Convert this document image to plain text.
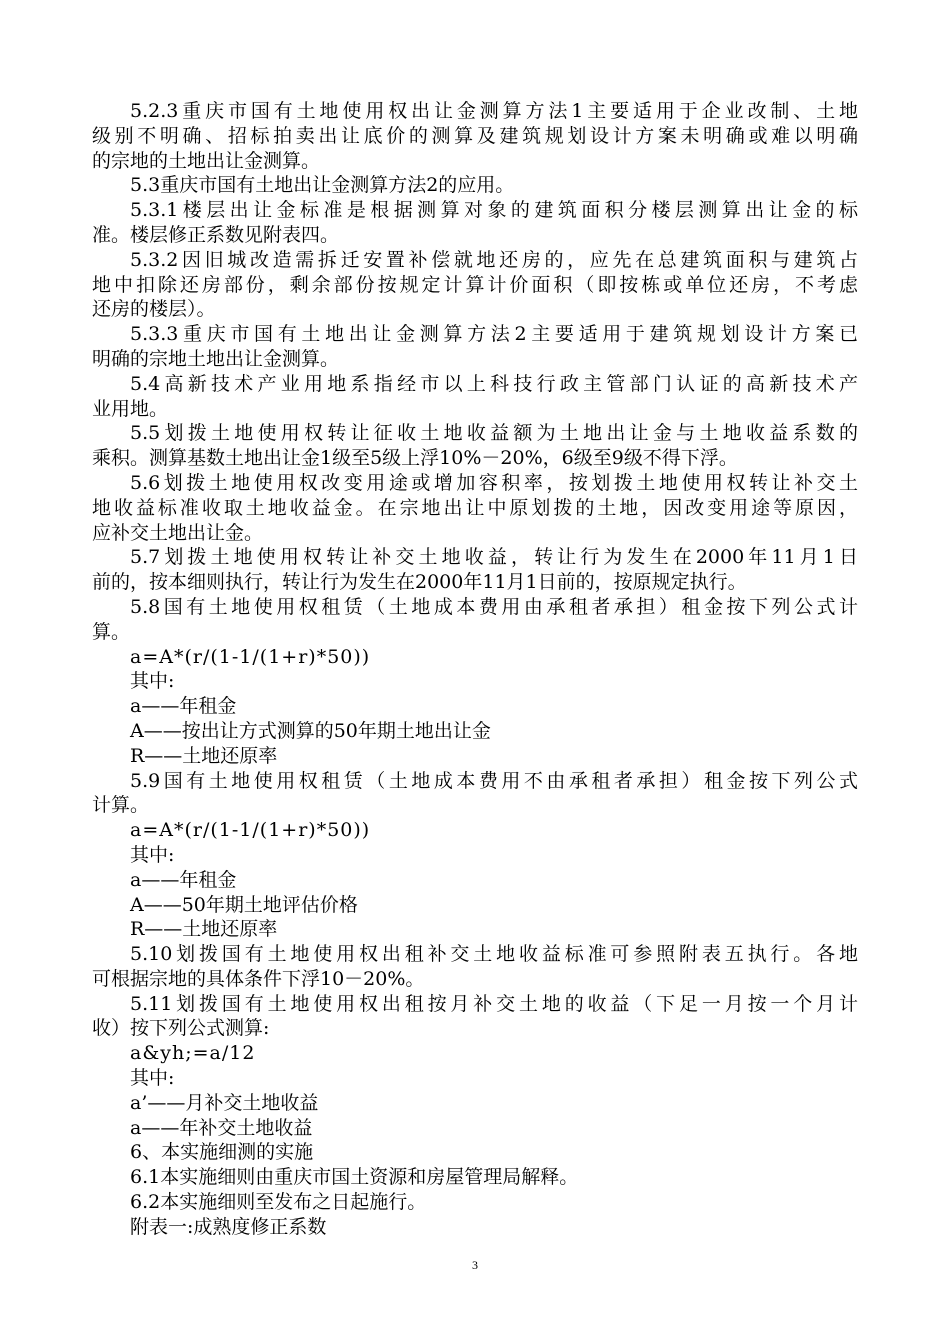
5.2.3重庆市国有土地使用权出让金测算方法1主要适用于企业改制、土地
级别不明确、招标拍卖出让底价的测算及建筑规划设计方案未明确或难以明确
的宗地的土地出让金测算。
5.3重庆市国有土地出让金测算方法2的应用。
5.3.1楼层出让金标准是根据测算对象的建筑面积分楼层测算出让金的标
准。楼层修正系数见附表四。
5.3.2因旧城改造需拆迁安置补偿就地还房的，应先在总建筑面积与建筑占
地中扣除还房部份，剩余部份按规定计算计价面积（即按栋或单位还房，不考虑
还房的楼层）。
5.3.3重庆市国有土地出让金测算方法2主要适用于建筑规划设计方案已
明确的宗地土地出让金测算。
5.4高新技术产业用地系指经市以上科技行政主管部门认证的高新技术产
业用地。
5.5划拨土地使用权转让征收土地收益额为土地出让金与土地收益系数的
乘积。测算基数土地出让金1级至5级上浮10%－20%，6级至9级不得下浮。
5.6划拨土地使用权改变用途或增加容积率，按划拨土地使用权转让补交土
地收益标准收取土地收益金。在宗地出让中原划拨的土地，因改变用途等原因，
应补交土地出让金。
5.7划拨土地使用权转让补交土地收益，转让行为发生在2000年11月1日
前的，按本细则执行，转让行为发生在2000年11月1日前的，按原规定执行。
5.8国有土地使用权租赁（土地成本费用由承租者承担）租金按下列公式计
算。
a=A*(r/(1-1/(1+r)*50))
其中:
a——年租金
A——按出让方式测算的50年期土地出让金
R——土地还原率
5.9国有土地使用权租赁（土地成本费用不由承租者承担）租金按下列公式
计算。
a=A*(r/(1-1/(1+r)*50))
其中:
a——年租金
A——50年期土地评估价格
R——土地还原率
5.10划拨国有土地使用权出租补交土地收益标准可参照附表五执行。各地
可根据宗地的具体条件下浮10－20%。
5.11划拨国有土地使用权出租按月补交土地的收益（下足一月按一个月计
收）按下列公式测算:
a&yh;=a/12
其中:
a’——月补交土地收益
a——年补交土地收益
6、本实施细测的实施
6.1本实施细则由重庆市国土资源和房屋管理局解释。
6.2本实施细则至发布之日起施行。
附表一:成熟度修正系数
3
